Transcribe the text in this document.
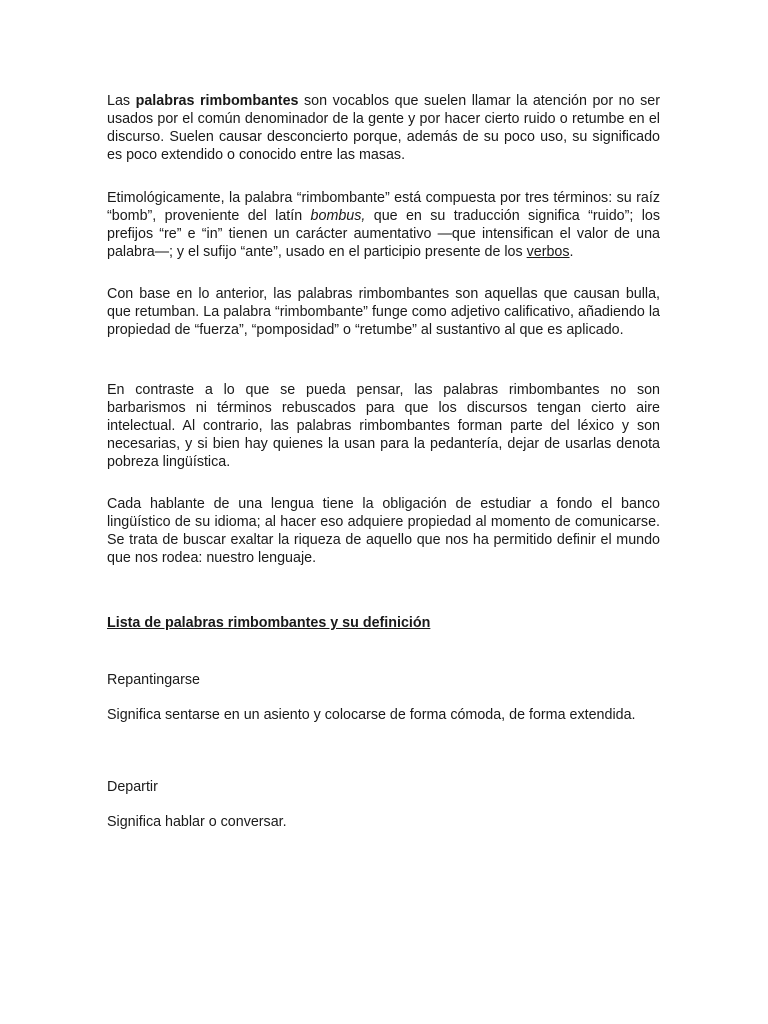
Las palabras rimbombantes son vocablos que suelen llamar la atención por no ser usados por el común denominador de la gente y por hacer cierto ruido o retumbe en el discurso. Suelen causar desconcierto porque, además de su poco uso, su significado es poco extendido o conocido entre las masas.

Etimológicamente, la palabra “rimbombante” está compuesta por tres términos: su raíz “bomb”, proveniente del latín bombus, que en su traducción significa “ruido”; los prefijos “re” e “in” tienen un carácter aumentativo —que intensifican el valor de una palabra—; y el sufijo “ante”, usado en el participio presente de los verbos.

Con base en lo anterior, las palabras rimbombantes son aquellas que causan bulla, que retumban. La palabra “rimbombante” funge como adjetivo calificativo, añadiendo la propiedad de “fuerza”, “pomposidad” o “retumbe” al sustantivo al que es aplicado.

En contraste a lo que se pueda pensar, las palabras rimbombantes no son barbarismos ni términos rebuscados para que los discursos tengan cierto aire intelectual. Al contrario, las palabras rimbombantes forman parte del léxico y son necesarias, y si bien hay quienes la usan para la pedantería, dejar de usarlas denota pobreza lingüística.

Cada hablante de una lengua tiene la obligación de estudiar a fondo el banco lingüístico de su idioma; al hacer eso adquiere propiedad al momento de comunicarse. Se trata de buscar exaltar la riqueza de aquello que nos ha permitido definir el mundo que nos rodea: nuestro lenguaje.

Lista de palabras rimbombantes y su definición

Repantingarse

Significa sentarse en un asiento y colocarse de forma cómoda, de forma extendida.

Departir

Significa hablar o conversar.
